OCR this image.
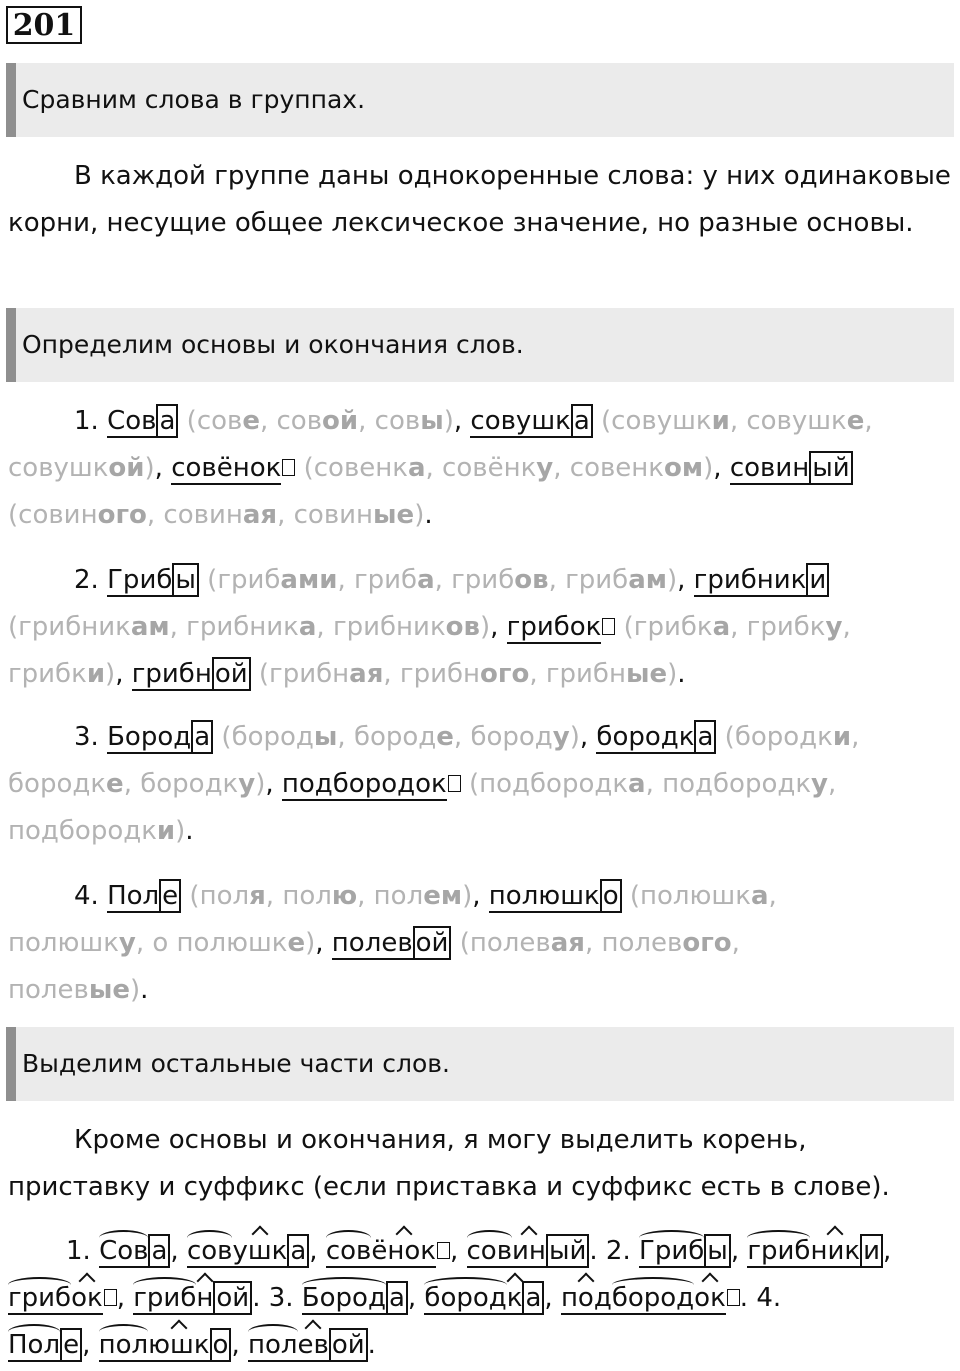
201
Сравним слова в группах.

В каждой группе даны однокоренные слова: у них одинаковые корни, несущие общее лексическое значение, но разные основы.

Определим основы и окончания слов.

1. Сов а (сове, совой, совы), совушк а (совушки, совушке,
совушкой), совёнок (совенка, совёнку, совенком), совин ый
(совиного, совиная, совиные).

2. Гриб ы (грибами, гриба, грибов, грибам), грибник и
(грибникам, грибника, грибников), грибок (грибка, грибку,
грибки), грибн ой (грибная, грибного, грибные).

3. Бород а (бороды, бороде, бороду), бородк а (бородки,
бородке, бородку), подбородок (подбородка, подбородку,
подбородки).

4. Пол е (поля, полю, полем), полюшк о (полюшка,
полюшку, о полюшке), полев ой (полевая, полевого,
полевые).

Выделим остальные части слов.

Кроме основы и окончания, я могу выделить корень, приставку и суффикс (если приставка и суффикс есть в слове).

1. Сов а , совушк а , совёнок , совин ый . 2. Гриб ы , грибник и ,
грибок , грибн ой . 3. Бород а , бородк а , подбородок . 4.
Пол е , полюшк о , полев ой .
